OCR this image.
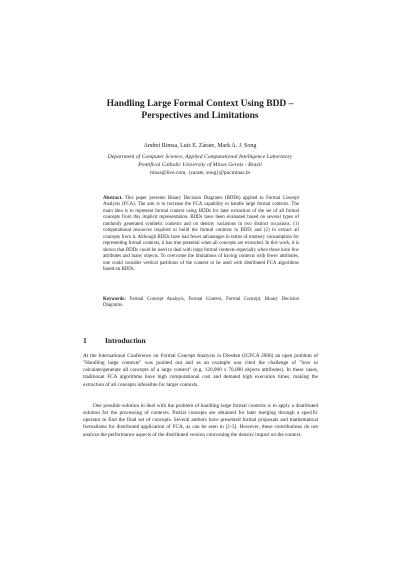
Handling Large Formal Context Using BDD –
Perspectives and Limitations
Andrei Rimsa, Luis E. Zárate, Mark A. J. Song
Department of Computer Science, Applied Computational Intelligence Laboratory
Pontifical Catholic University of Minas Gerais - Brazil
rimsa@live.com, {zarate, song}@pucminas.br
Abstract. This paper presents Binary Decision Diagrams (BDDs) applied to Formal Concept Analysis (FCA). The aim is to increase the FCA capability to handle large formal contexts. The main idea is to represent formal context using BDDs for later extraction of the set of all formal concepts from this implicit representation. BDDs have been evaluated based on several types of randomly generated synthetic contexts and on density variations in two distinct occasions: (1) computational resources required to build the formal contexts in BDD; and (2) to extract all concepts from it. Although BDDs have had fewer advantages in terms of memory consumption for representing formal contexts, it has true potential when all concepts are extracted. In this work, it is shown that BDDs could be used to deal with large formal contexts especially when those have few attributes and many objects. To overcome the limitations of having contexts with fewer attributes, one could consider vertical partitions of the context to be used with distributed FCA algorithms based on BDDs.
Keywords: Formal Concept Analysis, Formal Context, Formal Concept, Binary Decision Diagrams.
1 Introduction

At the International Conference on Formal Concept Analysis in Dresden (ICFCA 2006) an open problem of "Handling large contexts" was pointed out and as an example was cited the challenge of "how to calculate/generate all concepts of a large context" (e.g. 120,000 x 70,000 objects attributes). In these cases, traditional FCA algorithms have high computational cost and demand high execution times, making the extraction of all concepts infeasible for larger contexts.

One possible solution to deal with the problem of handling large formal contexts is to apply a distributed solution for the processing of contexts. Partial concepts are obtained for later merging through a specific operator to find the final set of concepts. Several authors have presented formal proposals and mathematical formalisms for distributed application of FCA, as can be seen in [1-3]. However, these contributions do not analyze the performance aspects of the distributed version concerning the density impact on the context.
